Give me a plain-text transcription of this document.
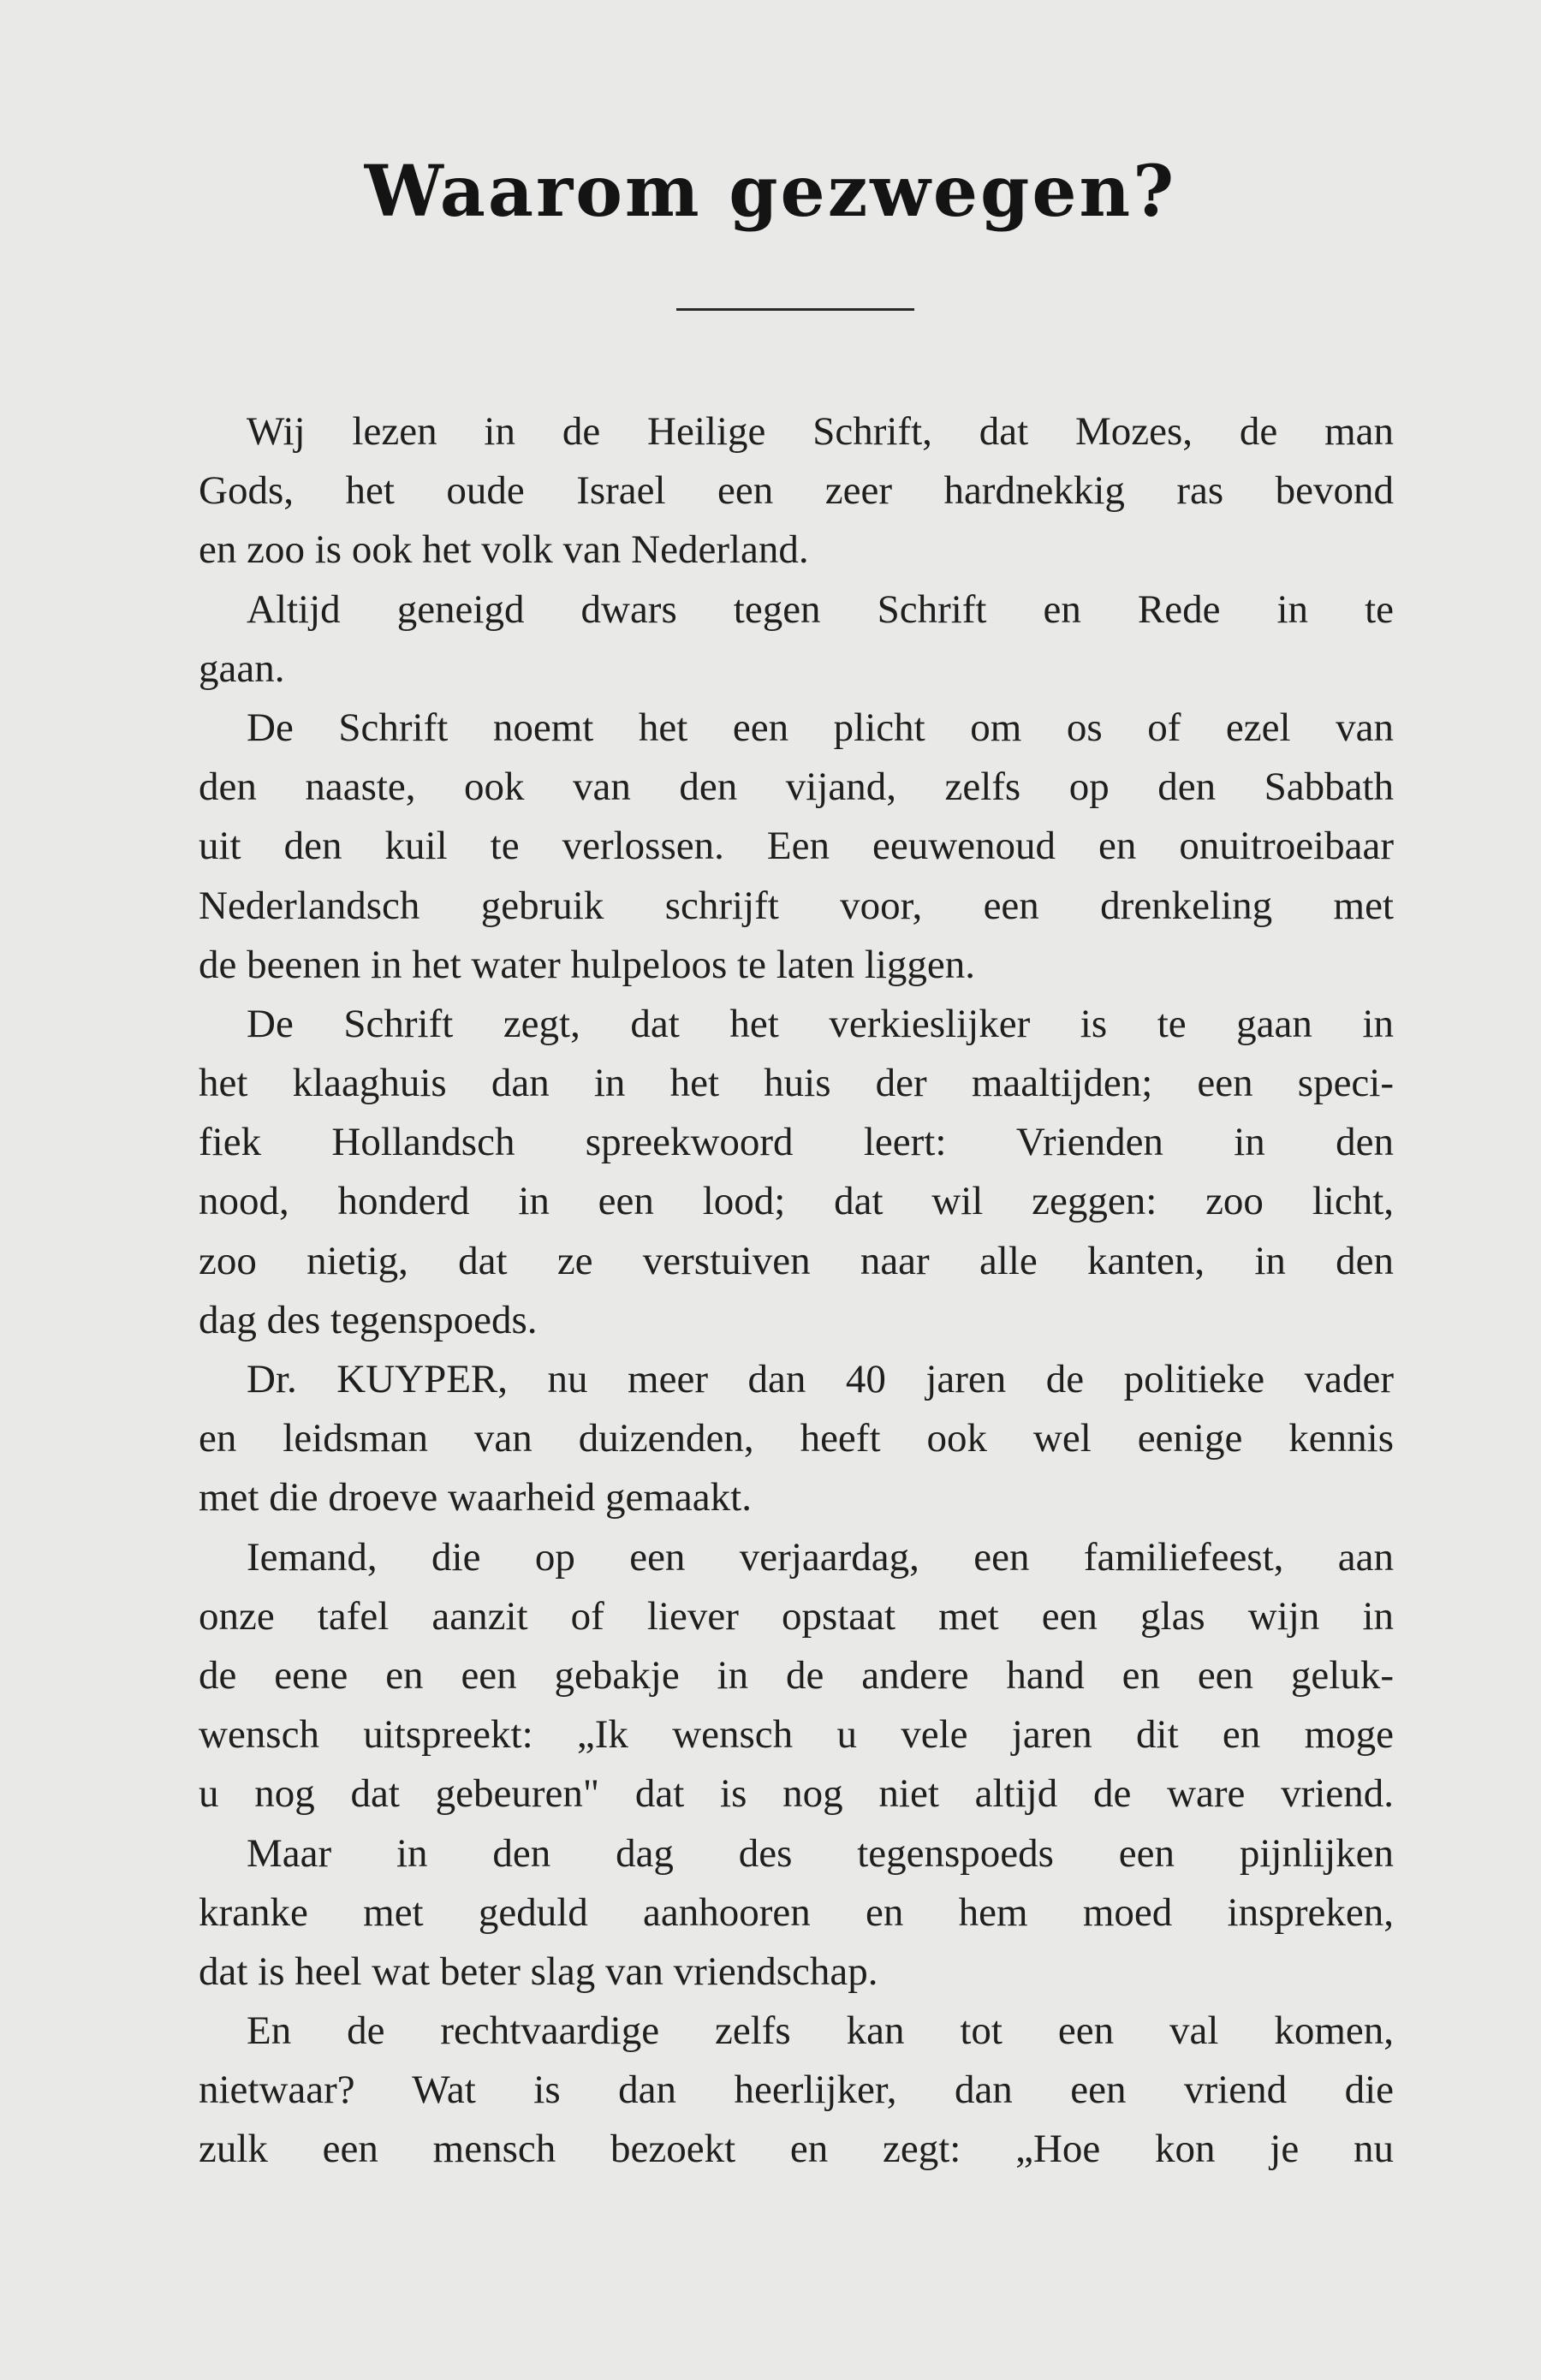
Waarom gezwegen?
Wij lezen in de Heilige Schrift, dat Mozes, de man
Gods, het oude Israel een zeer hardnekkig ras bevond
en zoo is ook het volk van Nederland.
Altijd geneigd dwars tegen Schrift en Rede in te
gaan.
De Schrift noemt het een plicht om os of ezel van
den naaste, ook van den vijand, zelfs op den Sabbath
uit den kuil te verlossen. Een eeuwenoud en onuitroeibaar
Nederlandsch gebruik schrijft voor, een drenkeling met
de beenen in het water hulpeloos te laten liggen.
De Schrift zegt, dat het verkieslijker is te gaan in
het klaaghuis dan in het huis der maaltijden; een speci-
fiek Hollandsch spreekwoord leert: Vrienden in den
nood, honderd in een lood; dat wil zeggen: zoo licht,
zoo nietig, dat ze verstuiven naar alle kanten, in den
dag des tegenspoeds.
Dr. KUYPER, nu meer dan 40 jaren de politieke vader
en leidsman van duizenden, heeft ook wel eenige kennis
met die droeve waarheid gemaakt.
Iemand, die op een verjaardag, een familiefeest, aan
onze tafel aanzit of liever opstaat met een glas wijn in
de eene en een gebakje in de andere hand en een geluk-
wensch uitspreekt: „Ik wensch u vele jaren dit en moge
u nog dat gebeuren" dat is nog niet altijd de ware vriend.
Maar in den dag des tegenspoeds een pijnlijken
kranke met geduld aanhooren en hem moed inspreken,
dat is heel wat beter slag van vriendschap.
En de rechtvaardige zelfs kan tot een val komen,
nietwaar? Wat is dan heerlijker, dan een vriend die
zulk een mensch bezoekt en zegt: „Hoe kon je nu
